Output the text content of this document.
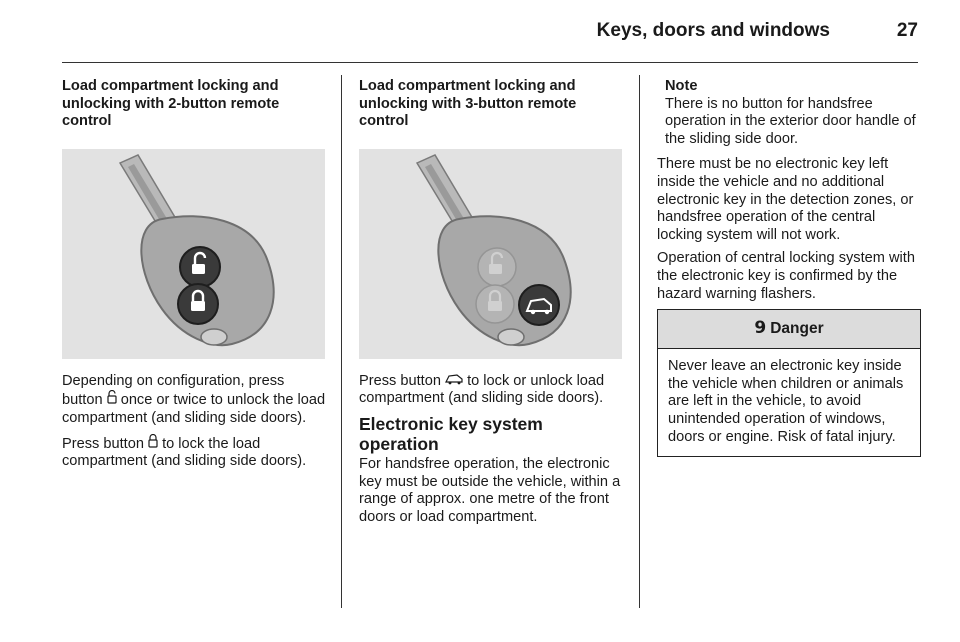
Keys, doors and windows	27
Load compartment locking and unlocking with 2-button remote control

Depending on configuration, press button once or twice to unlock the load compartment (and sliding side doors).

Press button to lock the load compartment (and sliding side doors).

Load compartment locking and unlocking with 3-button remote control

Press button to lock or unlock load compartment (and sliding side doors).

Electronic key system operation

For handsfree operation, the electronic key must be outside the vehicle, within a range of approx. one metre of the front doors or load compartment.

Note
There is no button for handsfree operation in the exterior door handle of the sliding side door.

There must be no electronic key left inside the vehicle and no additional electronic key in the detection zones, or handsfree operation of the central locking system will not work.

Operation of central locking system with the electronic key is confirmed by the hazard warning flashers.

9 Danger
Never leave an electronic key inside the vehicle when children or animals are left in the vehicle, to avoid unintended operation of windows, doors or engine. Risk of fatal injury.
